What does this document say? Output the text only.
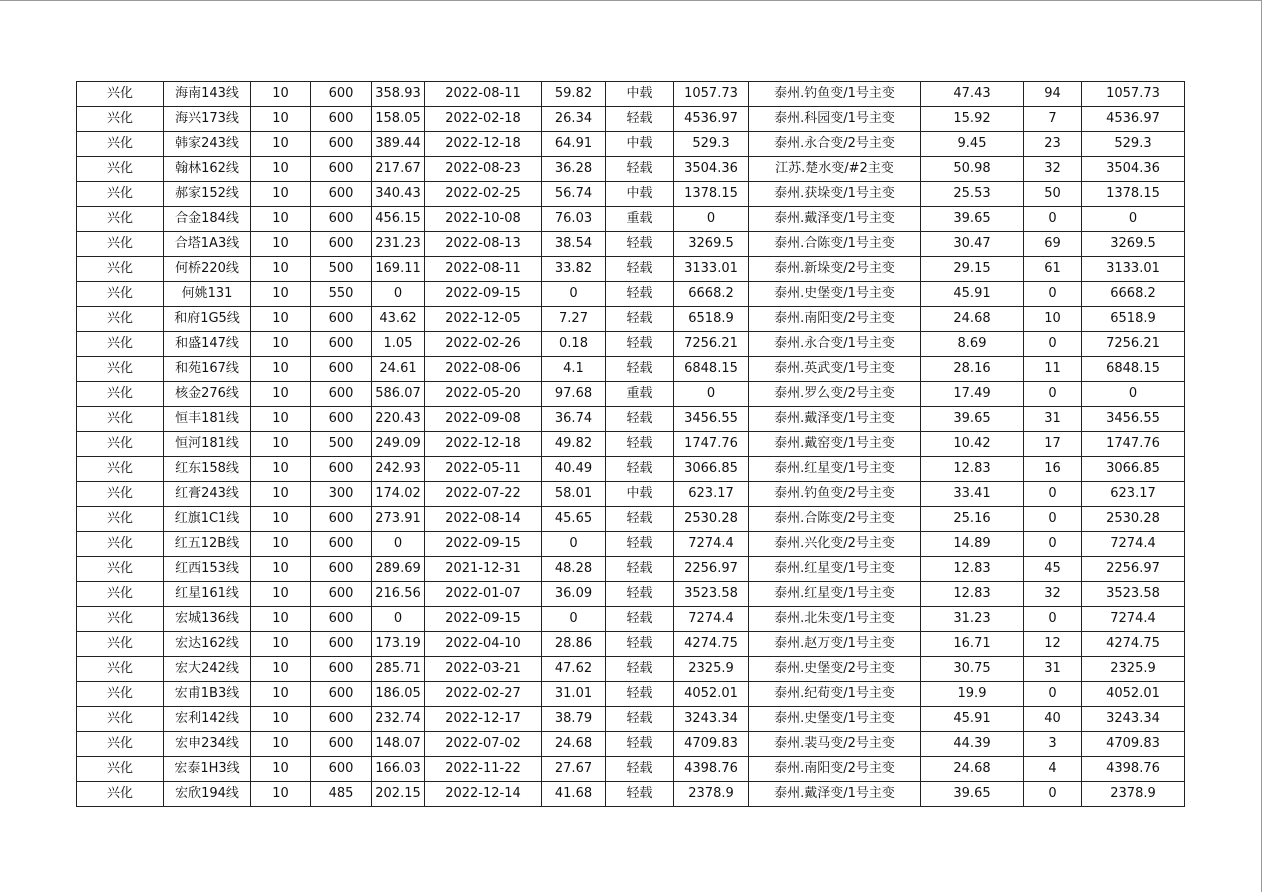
兴化	海南143线	10	600	358.93	2022-08-11	59.82	中载	1057.73	泰州.钓鱼变/1号主变	47.43	94	1057.73
兴化	海兴173线	10	600	158.05	2022-02-18	26.34	轻载	4536.97	泰州.科园变/1号主变	15.92	7	4536.97
兴化	韩家243线	10	600	389.44	2022-12-18	64.91	中载	529.3	泰州.永合变/2号主变	9.45	23	529.3
兴化	翰林162线	10	600	217.67	2022-08-23	36.28	轻载	3504.36	江苏.楚水变/#2主变	50.98	32	3504.36
兴化	郝家152线	10	600	340.43	2022-02-25	56.74	中载	1378.15	泰州.获垛变/1号主变	25.53	50	1378.15
兴化	合金184线	10	600	456.15	2022-10-08	76.03	重载	0	泰州.戴泽变/1号主变	39.65	0	0
兴化	合塔1A3线	10	600	231.23	2022-08-13	38.54	轻载	3269.5	泰州.合陈变/1号主变	30.47	69	3269.5
兴化	何桥220线	10	500	169.11	2022-08-11	33.82	轻载	3133.01	泰州.新垛变/2号主变	29.15	61	3133.01
兴化	何姚131	10	550	0	2022-09-15	0	轻载	6668.2	泰州.史堡变/1号主变	45.91	0	6668.2
兴化	和府1G5线	10	600	43.62	2022-12-05	7.27	轻载	6518.9	泰州.南阳变/2号主变	24.68	10	6518.9
兴化	和盛147线	10	600	1.05	2022-02-26	0.18	轻载	7256.21	泰州.永合变/1号主变	8.69	0	7256.21
兴化	和苑167线	10	600	24.61	2022-08-06	4.1	轻载	6848.15	泰州.英武变/1号主变	28.16	11	6848.15
兴化	核金276线	10	600	586.07	2022-05-20	97.68	重载	0	泰州.罗么变/2号主变	17.49	0	0
兴化	恒丰181线	10	600	220.43	2022-09-08	36.74	轻载	3456.55	泰州.戴泽变/1号主变	39.65	31	3456.55
兴化	恒河181线	10	500	249.09	2022-12-18	49.82	轻载	1747.76	泰州.戴窑变/1号主变	10.42	17	1747.76
兴化	红东158线	10	600	242.93	2022-05-11	40.49	轻载	3066.85	泰州.红星变/1号主变	12.83	16	3066.85
兴化	红膏243线	10	300	174.02	2022-07-22	58.01	中载	623.17	泰州.钓鱼变/2号主变	33.41	0	623.17
兴化	红旗1C1线	10	600	273.91	2022-08-14	45.65	轻载	2530.28	泰州.合陈变/2号主变	25.16	0	2530.28
兴化	红五12B线	10	600	0	2022-09-15	0	轻载	7274.4	泰州.兴化变/2号主变	14.89	0	7274.4
兴化	红西153线	10	600	289.69	2021-12-31	48.28	轻载	2256.97	泰州.红星变/1号主变	12.83	45	2256.97
兴化	红星161线	10	600	216.56	2022-01-07	36.09	轻载	3523.58	泰州.红星变/1号主变	12.83	32	3523.58
兴化	宏城136线	10	600	0	2022-09-15	0	轻载	7274.4	泰州.北朱变/1号主变	31.23	0	7274.4
兴化	宏达162线	10	600	173.19	2022-04-10	28.86	轻载	4274.75	泰州.赵万变/1号主变	16.71	12	4274.75
兴化	宏大242线	10	600	285.71	2022-03-21	47.62	轻载	2325.9	泰州.史堡变/2号主变	30.75	31	2325.9
兴化	宏甫1B3线	10	600	186.05	2022-02-27	31.01	轻载	4052.01	泰州.纪荀变/1号主变	19.9	0	4052.01
兴化	宏利142线	10	600	232.74	2022-12-17	38.79	轻载	3243.34	泰州.史堡变/1号主变	45.91	40	3243.34
兴化	宏申234线	10	600	148.07	2022-07-02	24.68	轻载	4709.83	泰州.裴马变/2号主变	44.39	3	4709.83
兴化	宏泰1H3线	10	600	166.03	2022-11-22	27.67	轻载	4398.76	泰州.南阳变/2号主变	24.68	4	4398.76
兴化	宏欣194线	10	485	202.15	2022-12-14	41.68	轻载	2378.9	泰州.戴泽变/1号主变	39.65	0	2378.9
